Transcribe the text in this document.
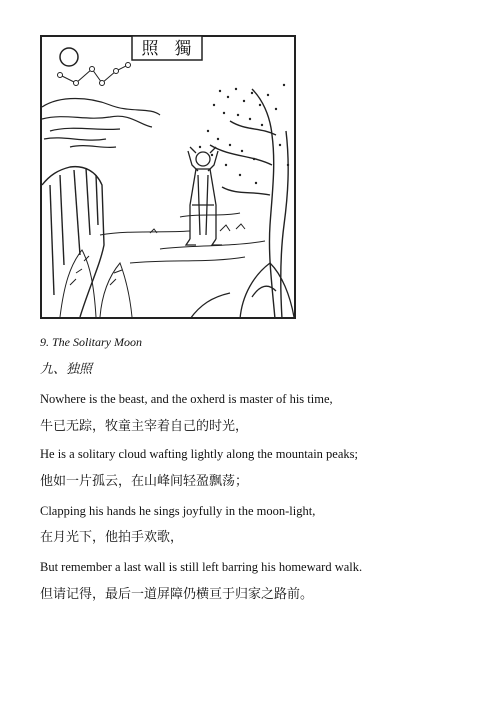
照 獨
9. The Solitary Moon
九、独照
Nowhere is the beast, and the oxherd is master of his time,
牛已无踪，牧童主宰着自己的时光，
He is a solitary cloud wafting lightly along the mountain peaks;
他如一片孤云，在山峰间轻盈飘荡；
Clapping his hands he sings joyfully in the moon-light,
在月光下，他拍手欢歌，
But remember a last wall is still left barring his homeward walk.
但请记得，最后一道屏障仍横亘于归家之路前。
